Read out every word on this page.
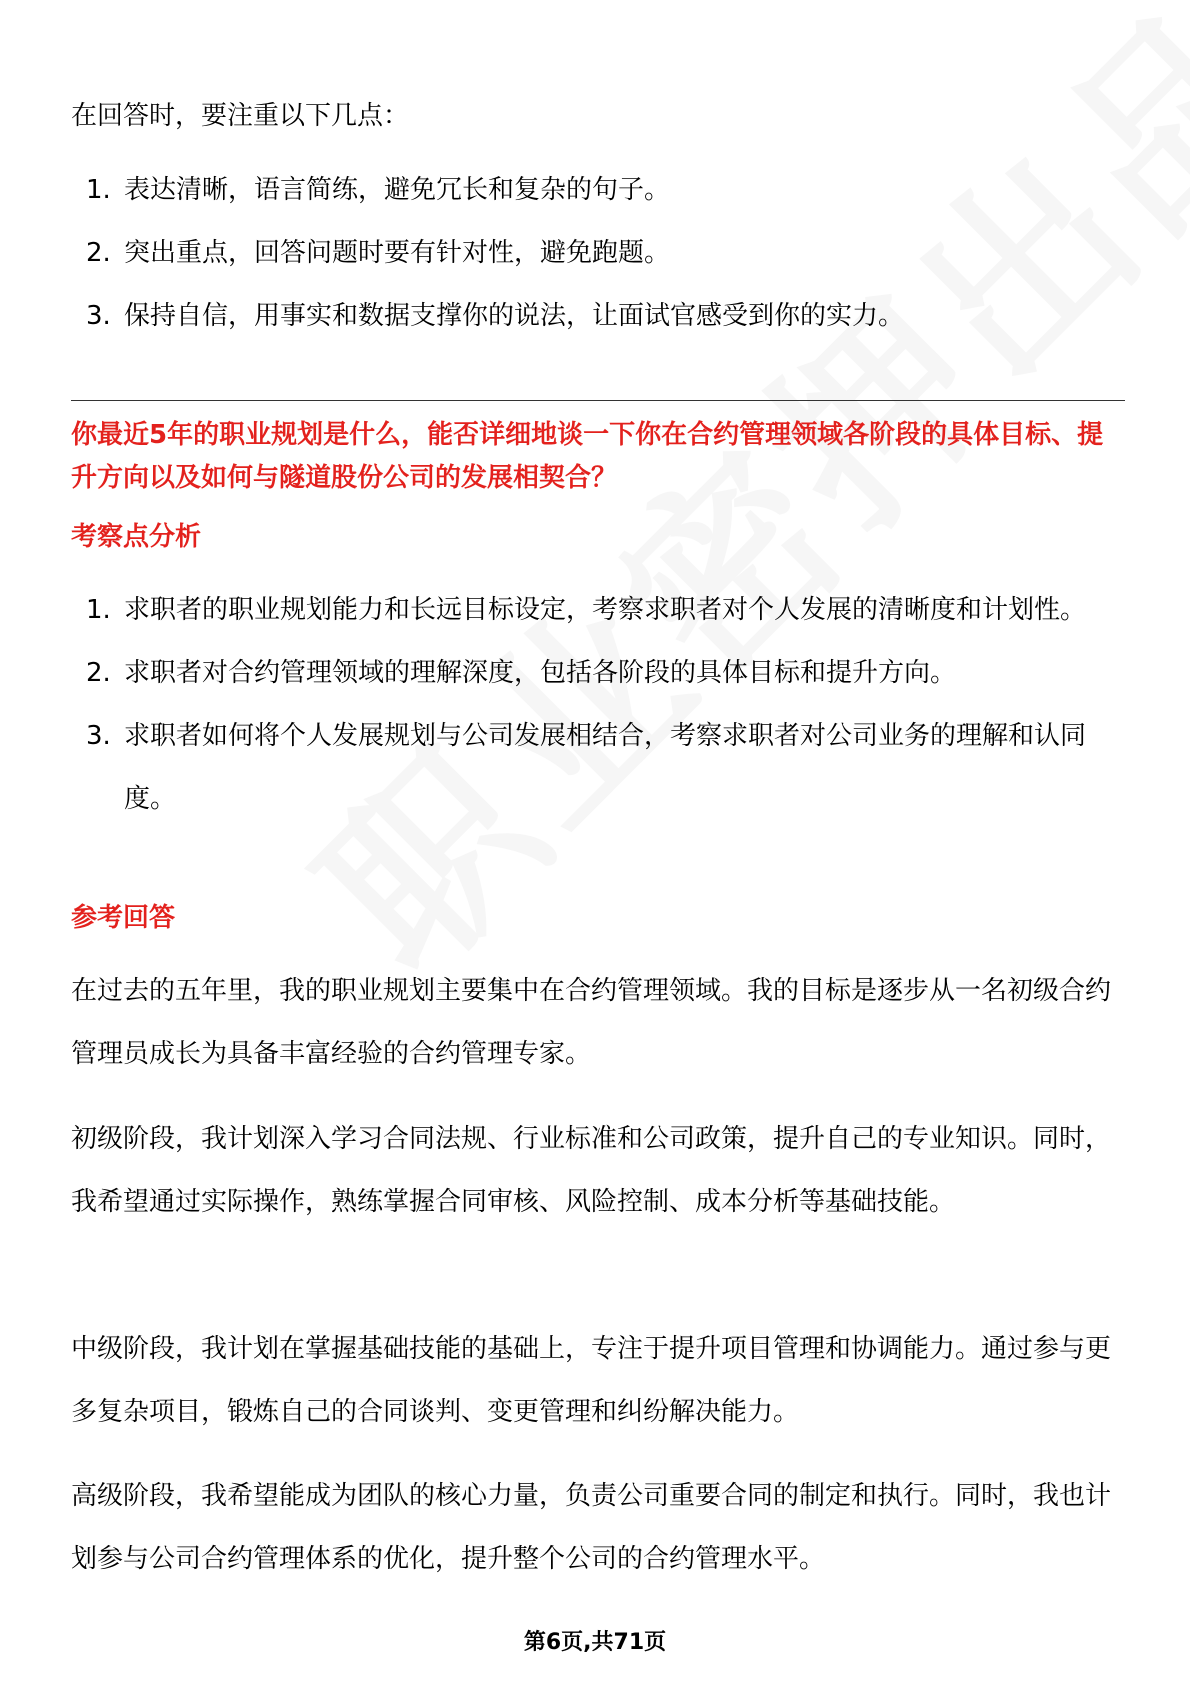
在回答时，要注重以下几点：
1. 表达清晰，语言简练，避免冗长和复杂的句子。
2. 突出重点，回答问题时要有针对性，避免跑题。
3. 保持自信，用事实和数据支撑你的说法，让面试官感受到你的实力。
你最近5年的职业规划是什么，能否详细地谈一下你在合约管理领域各阶段的具体目标、提升方向以及如何与隧道股份公司的发展相契合？
考察点分析
1. 求职者的职业规划能力和长远目标设定，考察求职者对个人发展的清晰度和计划性。
2. 求职者对合约管理领域的理解深度，包括各阶段的具体目标和提升方向。
3. 求职者如何将个人发展规划与公司发展相结合，考察求职者对公司业务的理解和认同度。
参考回答
在过去的五年里，我的职业规划主要集中在合约管理领域。我的目标是逐步从一名初级合约管理员成长为具备丰富经验的合约管理专家。
初级阶段，我计划深入学习合同法规、行业标准和公司政策，提升自己的专业知识。同时，我希望通过实际操作，熟练掌握合同审核、风险控制、成本分析等基础技能。
中级阶段，我计划在掌握基础技能的基础上，专注于提升项目管理和协调能力。通过参与更多复杂项目，锻炼自己的合同谈判、变更管理和纠纷解决能力。
高级阶段，我希望能成为团队的核心力量，负责公司重要合同的制定和执行。同时，我也计划参与公司合约管理体系的优化，提升整个公司的合约管理水平。
第6页,共71页
